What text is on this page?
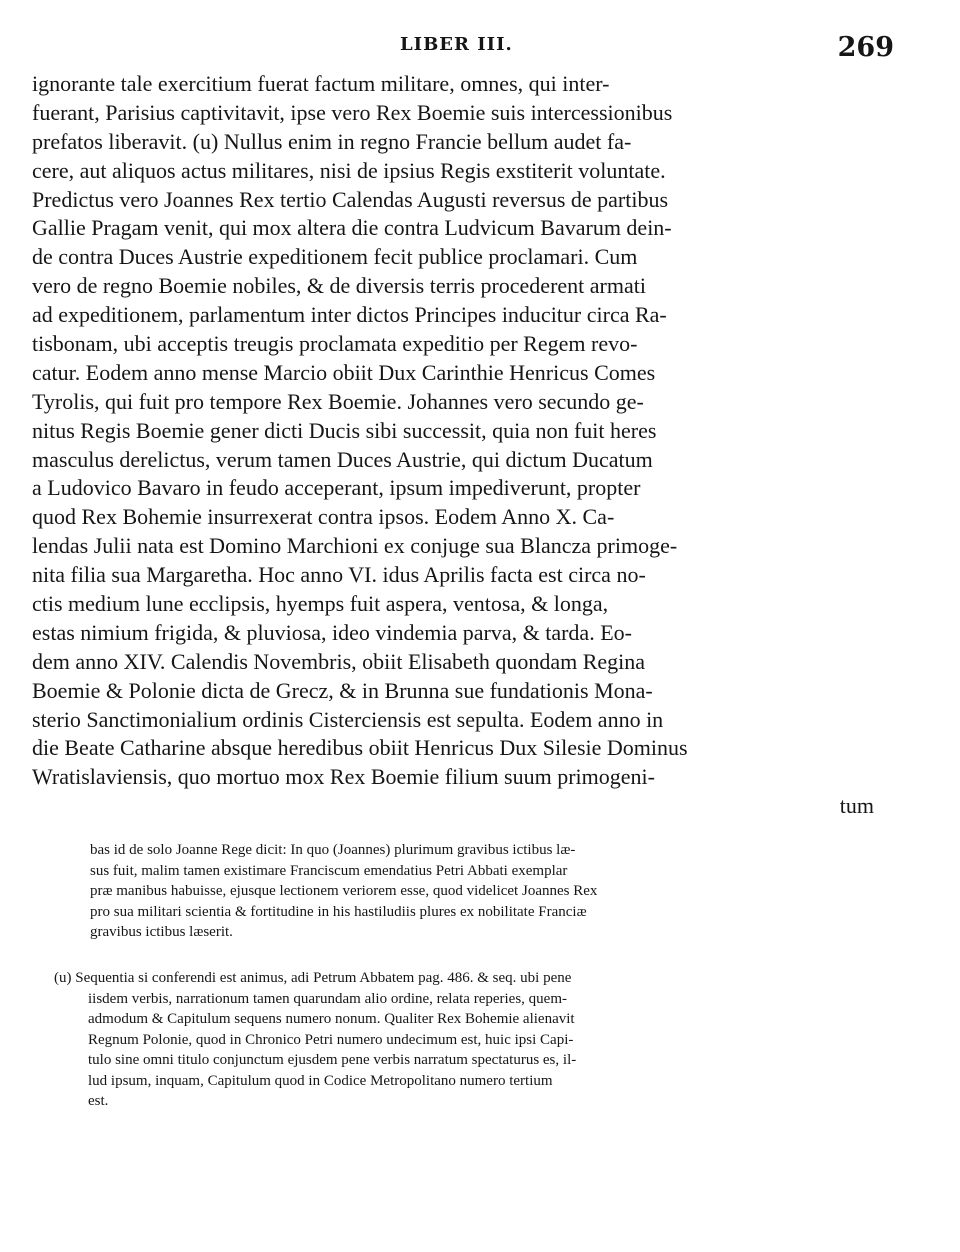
LIBER III.	269
ignorante tale exercitium fuerat factum militare, omnes, qui inter-
fuerant, Parisius captivitavit, ipse vero Rex Boemie suis intercessionibus
prefatos liberavit. (u) Nullus enim in regno Francie bellum audet fa-
cere, aut aliquos actus militares, nisi de ipsius Regis exstiterit voluntate.
Predictus vero Joannes Rex tertio Calendas Augusti reversus de partibus
Gallie Pragam venit, qui mox altera die contra Ludvicum Bavarum dein-
de contra Duces Austrie expeditionem fecit publice proclamari. Cum
vero de regno Boemie nobiles, & de diversis terris procederent armati
ad expeditionem, parlamentum inter dictos Principes inducitur circa Ra-
tisbonam, ubi acceptis treugis proclamata expeditio per Regem revo-
catur. Eodem anno mense Marcio obiit Dux Carinthie Henricus Comes
Tyrolis, qui fuit pro tempore Rex Boemie. Johannes vero secundo ge-
nitus Regis Boemie gener dicti Ducis sibi successit, quia non fuit heres
masculus derelictus, verum tamen Duces Austrie, qui dictum Ducatum
a Ludovico Bavaro in feudo acceperant, ipsum impediverunt, propter
quod Rex Bohemie insurrexerat contra ipsos. Eodem Anno X. Ca-
lendas Julii nata est Domino Marchioni ex conjuge sua Blancza primoge-
nita filia sua Margaretha. Hoc anno VI. idus Aprilis facta est circa no-
ctis medium lune ecclipsis, hyemps fuit aspera, ventosa, & longa,
estas nimium frigida, & pluviosa, ideo vindemia parva, & tarda. Eo-
dem anno XIV. Calendis Novembris, obiit Elisabeth quondam Regina
Boemie & Polonie dicta de Grecz, & in Brunna sue fundationis Mona-
sterio Sanctimonialium ordinis Cisterciensis est sepulta. Eodem anno in
die Beate Catharine absque heredibus obiit Henricus Dux Silesie Dominus
Wratislaviensis, quo mortuo mox Rex Boemie filium suum primogeni-
tum
bas id de solo Joanne Rege dicit: In quo (Joannes) plurimum gravibus ictibus læ-
sus fuit, malim tamen existimare Franciscum emendatius Petri Abbati exemplar
præ manibus habuisse, ejusque lectionem veriorem esse, quod videlicet Joannes Rex
pro sua militari scientia & fortitudine in his hastiludiis plures ex nobilitate Franciæ
gravibus ictibus læserit.
(u) Sequentia si conferendi est animus, adi Petrum Abbatem pag. 486. & seq. ubi pene
iisdem verbis, narrationum tamen quarundam alio ordine, relata reperies, quem-
admodum & Capitulum sequens numero nonum. Qualiter Rex Bohemie alienavit
Regnum Polonie, quod in Chronico Petri numero undecimum est, huic ipsi Capi-
tulo sine omni titulo conjunctum ejusdem pene verbis narratum spectaturus es, il-
lud ipsum, inquam, Capitulum quod in Codice Metropolitano numero tertium
est.
